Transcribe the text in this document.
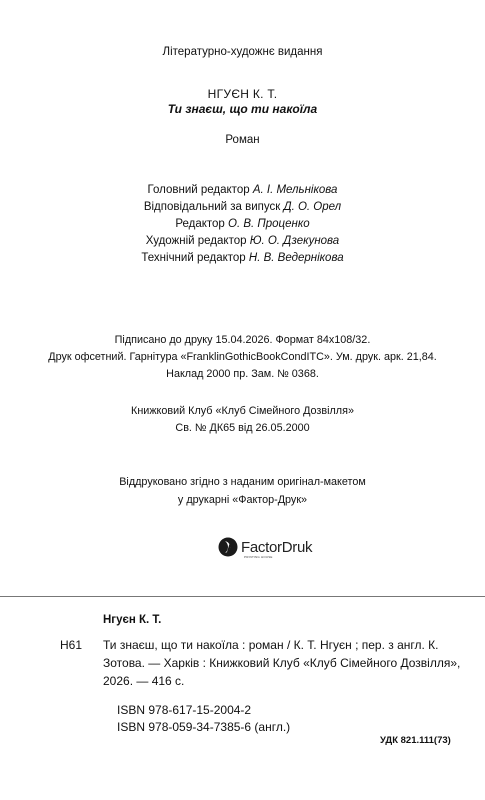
Літературно-художнє видання
НГУЄН К. Т.
Ти знаєш, що ти накоїла
Роман
Головний редактор А. І. Мельнікова
Відповідальний за випуск Д. О. Орел
Редактор О. В. Проценко
Художній редактор Ю. О. Дзекунова
Технічний редактор Н. В. Ведернікова
Підписано до друку 15.04.2026. Формат 84x108/32.
Друк офсетний. Гарнітура «FranklinGothicBookCondITC». Ум. друк. арк. 21,84.
Наклад 2000 пр. Зам. № 0368.
Книжковий Клуб «Клуб Сімейного Дозвілля»
Св. № ДК65 від 26.05.2000
Віддруковано згідно з наданим оригінал-макетом
у друкарні «Фактор-Друк»
FactorDruk
PRINTING HOUSE
Нгуєн К. Т.
Н61 Ти знаєш, що ти накоїла : роман / К. Т. Нгуєн ; пер. з англ. К. Зотова. — Харків : Книжковий Клуб «Клуб Сімейного Дозвілля», 2026. — 416 с.
ISBN 978-617-15-2004-2
ISBN 978-059-34-7385-6 (англ.)
УДК 821.111(73)
